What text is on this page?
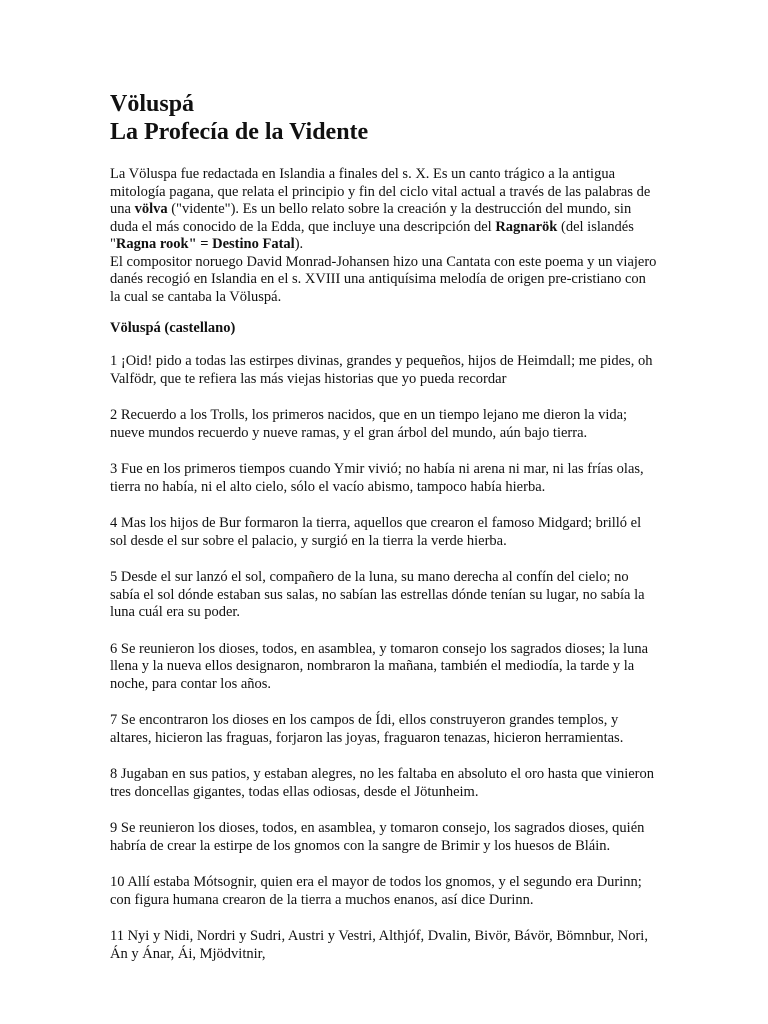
Völuspá
La Profecía de la Vidente

La Völuspa fue redactada en Islandia a finales del s. X. Es un canto trágico a la antigua mitología pagana, que relata el principio y fin del ciclo vital actual a través de las palabras de una völva ("vidente"). Es un bello relato sobre la creación y la destrucción del mundo, sin duda el más conocido de la Edda, que incluye una descripción del Ragnarök (del islandés "Ragna rook" = Destino Fatal).
El compositor noruego David Monrad-Johansen hizo una Cantata con este poema y un viajero danés recogió en Islandia en el s. XVIII una antiquísima melodía de origen pre-cristiano con la cual se cantaba la Völuspá.

Völuspá (castellano)

1 ¡Oid! pido a todas las estirpes divinas, grandes y pequeños, hijos de Heimdall; me pides, oh Valfödr, que te refiera las más viejas historias que yo pueda recordar

2 Recuerdo a los Trolls, los primeros nacidos, que en un tiempo lejano me dieron la vida; nueve mundos recuerdo y nueve ramas, y el gran árbol del mundo, aún bajo tierra.

3 Fue en los primeros tiempos cuando Ymir vivió; no había ni arena ni mar, ni las frías olas, tierra no había, ni el alto cielo, sólo el vacío abismo, tampoco había hierba.

4 Mas los hijos de Bur formaron la tierra, aquellos que crearon el famoso Midgard; brilló el sol desde el sur sobre el palacio, y surgió en la tierra la verde hierba.

5 Desde el sur lanzó el sol, compañero de la luna, su mano derecha al confín del cielo; no sabía el sol dónde estaban sus salas, no sabían las estrellas dónde tenían su lugar, no sabía la luna cuál era su poder.

6 Se reunieron los dioses, todos, en asamblea, y tomaron consejo los sagrados dioses; la luna llena y la nueva ellos designaron, nombraron la mañana, también el mediodía, la tarde y la noche, para contar los años.

7 Se encontraron los dioses en los campos de Ídi, ellos construyeron grandes templos, y altares, hicieron las fraguas, forjaron las joyas, fraguaron tenazas, hicieron herramientas.

8 Jugaban en sus patios, y estaban alegres, no les faltaba en absoluto el oro hasta que vinieron tres doncellas gigantes, todas ellas odiosas, desde el Jötunheim.

9 Se reunieron los dioses, todos, en asamblea, y tomaron consejo, los sagrados dioses, quién habría de crear la estirpe de los gnomos con la sangre de Brimir y los huesos de Bláin.

10 Allí estaba Mótsognir, quien era el mayor de todos los gnomos, y el segundo era Durinn; con figura humana crearon de la tierra a muchos enanos, así dice Durinn.

11 Nyi y Nidi, Nordri y Sudri, Austri y Vestri, Althjóf, Dvalin, Bivör, Bávör, Bömnbur, Nori, Án y Ánar, Ái, Mjödvitnir,
